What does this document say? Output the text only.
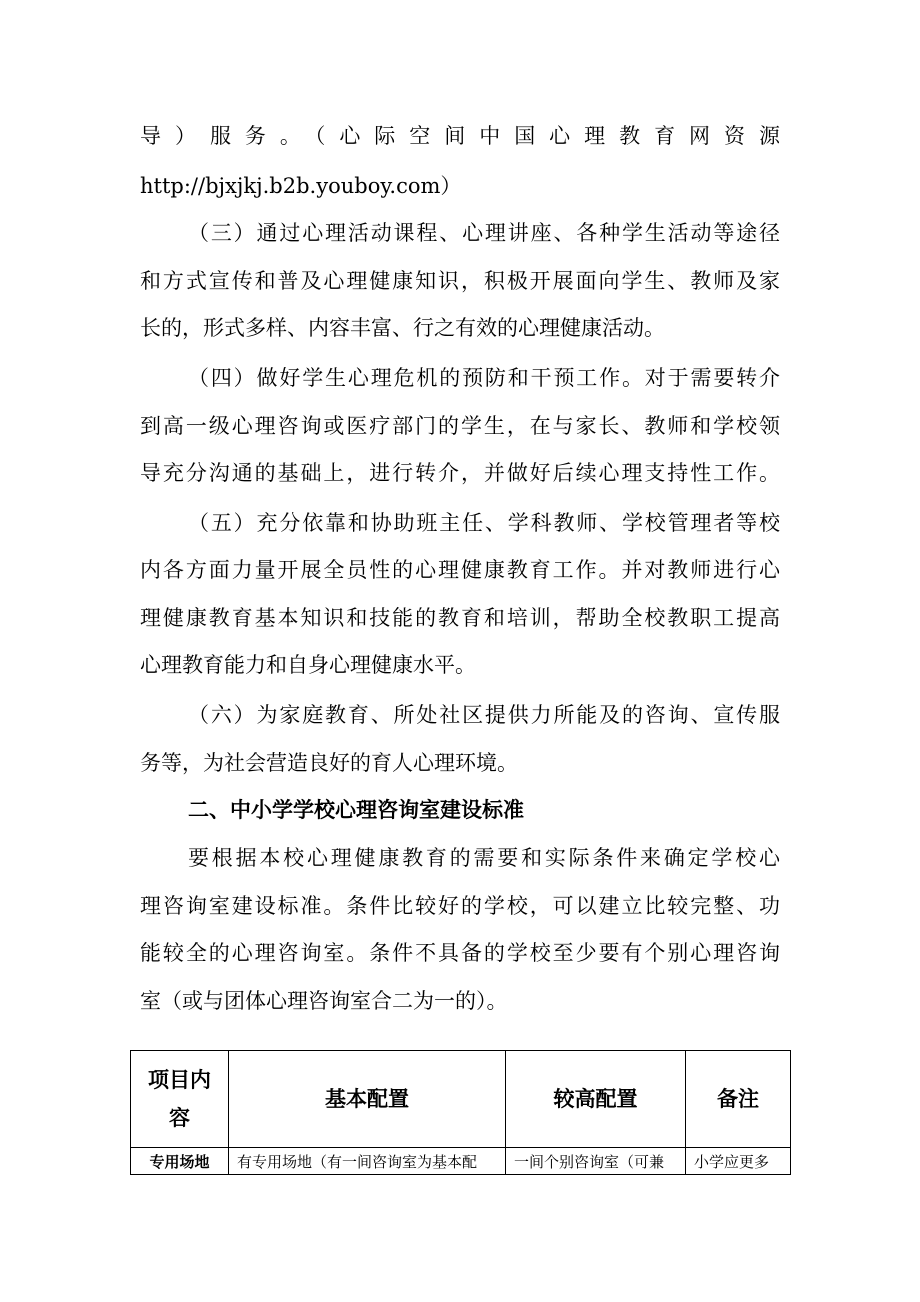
导）服务。（心际空间中国心理教育网资源
http://bjxjkj.b2b.youboy.com）
（三）通过心理活动课程、心理讲座、各种学生活动等途径
和方式宣传和普及心理健康知识，积极开展面向学生、教师及家
长的，形式多样、内容丰富、行之有效的心理健康活动。
（四）做好学生心理危机的预防和干预工作。对于需要转介
到高一级心理咨询或医疗部门的学生，在与家长、教师和学校领
导充分沟通的基础上，进行转介，并做好后续心理支持性工作。
（五）充分依靠和协助班主任、学科教师、学校管理者等校
内各方面力量开展全员性的心理健康教育工作。并对教师进行心
理健康教育基本知识和技能的教育和培训，帮助全校教职工提高
心理教育能力和自身心理健康水平。
（六）为家庭教育、所处社区提供力所能及的咨询、宣传服
务等，为社会营造良好的育人心理环境。
二、中小学学校心理咨询室建设标准
要根据本校心理健康教育的需要和实际条件来确定学校心
理咨询室建设标准。条件比较好的学校，可以建立比较完整、功
能较全的心理咨询室。条件不具备的学校至少要有个别心理咨询
室（或与团体心理咨询室合二为一的）。
项目内
容	基本配置	较高配置	备注
专用场地	有专用场地（有一间咨询室为基本配	一间个别咨询室（可兼	小学应更多
